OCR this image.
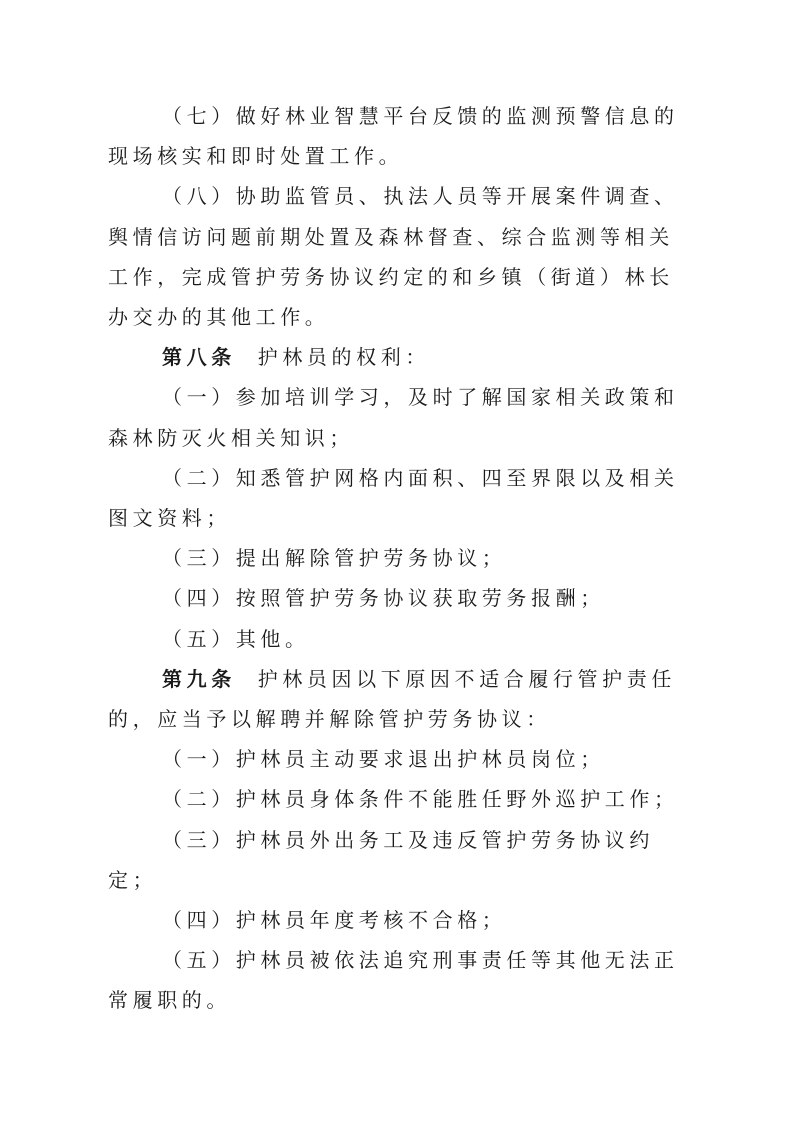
（七）做好林业智慧平台反馈的监测预警信息的现场核实和即时处置工作。

（八）协助监管员、执法人员等开展案件调查、舆情信访问题前期处置及森林督查、综合监测等相关工作，完成管护劳务协议约定的和乡镇（街道）林长办交办的其他工作。

第八条  护林员的权利：

（一）参加培训学习，及时了解国家相关政策和森林防灭火相关知识；

（二）知悉管护网格内面积、四至界限以及相关图文资料；

（三）提出解除管护劳务协议；

（四）按照管护劳务协议获取劳务报酬；

（五）其他。

第九条  护林员因以下原因不适合履行管护责任的，应当予以解聘并解除管护劳务协议：

（一）护林员主动要求退出护林员岗位；

（二）护林员身体条件不能胜任野外巡护工作；

（三）护林员外出务工及违反管护劳务协议约定；

（四）护林员年度考核不合格；

（五）护林员被依法追究刑事责任等其他无法正常履职的。
